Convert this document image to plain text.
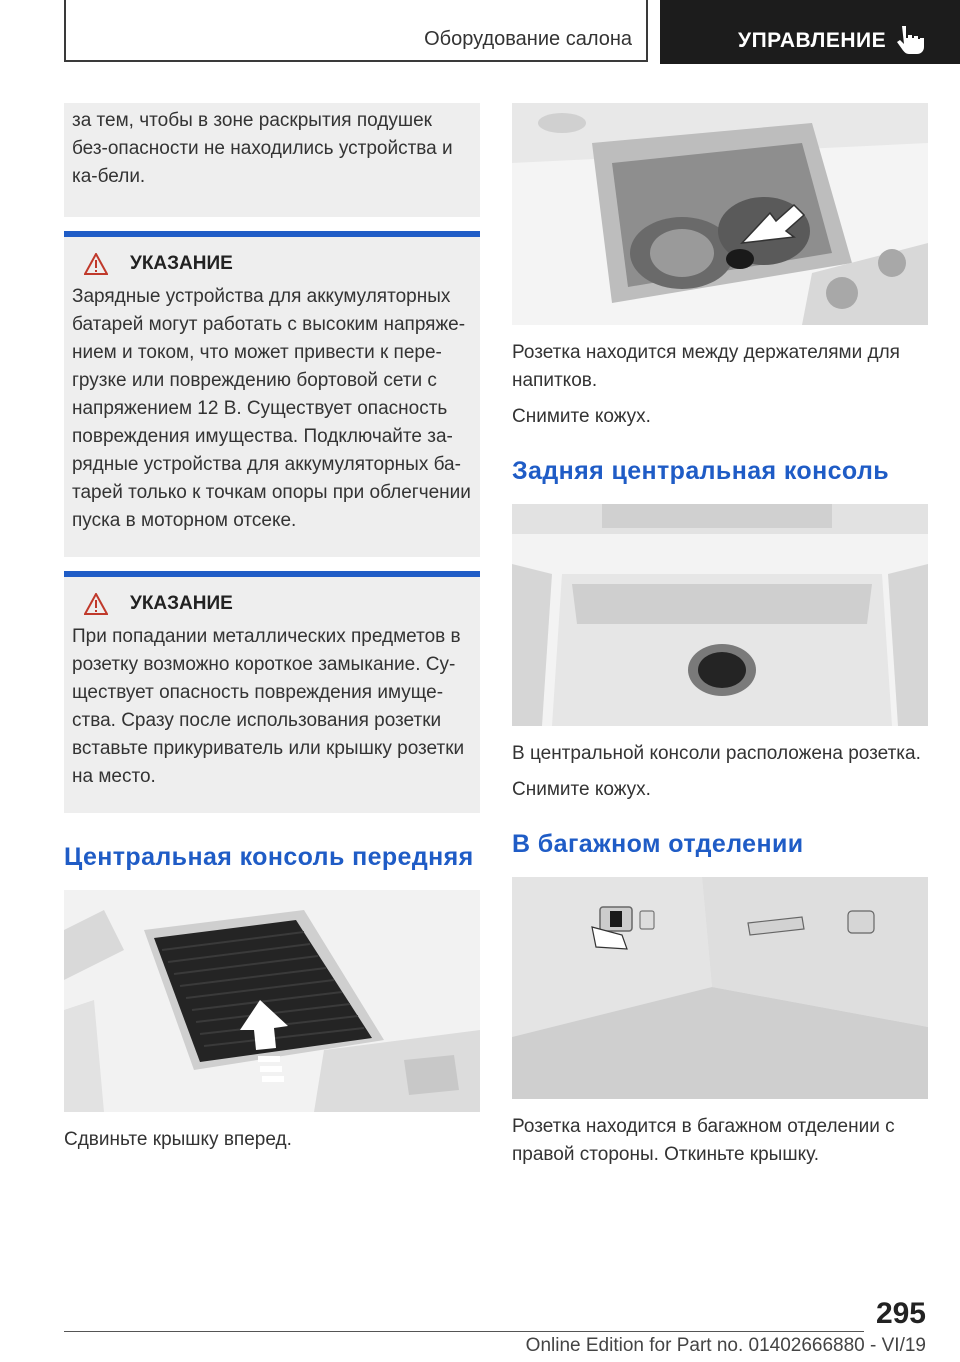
Оборудование салона	УПРАВЛЕНИЕ
за тем, чтобы в зоне раскрытия подушек без-опасности не находились устройства и ка-бели.
УКАЗАНИЕ
Зарядные устройства для аккумуляторных батарей могут работать с высоким напряже-нием и током, что может привести к пере-грузке или повреждению бортовой сети с напряжением 12 В. Существует опасность повреждения имущества. Подключайте за-рядные устройства для аккумуляторных ба-тарей только к точкам опоры при облегчении пуска в моторном отсеке.
УКАЗАНИЕ
При попадании металлических предметов в розетку возможно короткое замыкание. Су-ществует опасность повреждения имуще-ства. Сразу после использования розетки вставьте прикуриватель или крышку розетки на место.
Центральная консоль передняя

Сдвиньте крышку вперед.

Розетка находится между держателями для напитков.

Снимите кожух.

Задняя центральная консоль

В центральной консоли расположена розетка.

Снимите кожух.

В багажном отделении

Розетка находится в багажном отделении с правой стороны. Откиньте крышку.

295
Online Edition for Part no. 01402666880 - VI/19
